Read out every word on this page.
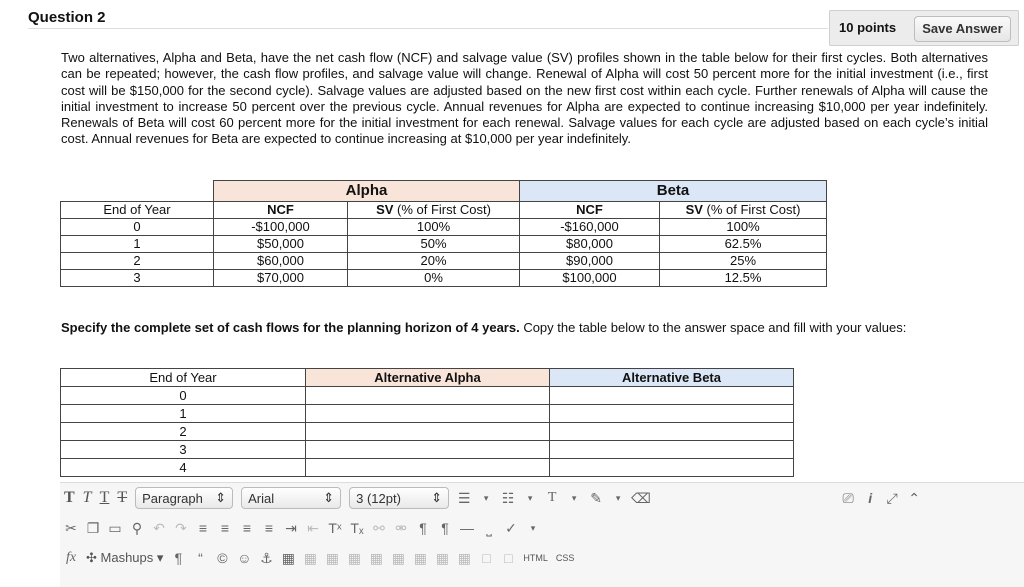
Question 2
10 points	Save Answer
Two alternatives, Alpha and Beta, have the net cash flow (NCF) and salvage value (SV) profiles shown in the table below for their first cycles. Both alternatives can be repeated; however, the cash flow profiles, and salvage value will change. Renewal of Alpha will cost 50 percent more for the initial investment (i.e., first cost will be $150,000 for the second cycle). Salvage values are adjusted based on the new first cost within each cycle. Further renewals of Alpha will cause the initial investment to increase 50 percent over the previous cycle. Annual revenues for Alpha are expected to continue increasing $10,000 per year indefinitely. Renewals of Beta will cost 60 percent more for the initial investment for each renewal. Salvage values for each cycle are adjusted based on each cycle’s initial cost. Annual revenues for Beta are expected to continue increasing at $10,000 per year indefinitely.
	Alpha		Beta	
End of Year	NCF	SV (% of First Cost)	NCF	SV (% of First Cost)
0	-$100,000	100%	-$160,000	100%
1	$50,000	50%	$80,000	62.5%
2	$60,000	20%	$90,000	25%
3	$70,000	0%	$100,000	12.5%
Specify the complete set of cash flows for the planning horizon of 4 years. Copy the table below to the answer space and fill with your values:
End of Year	Alternative Alpha	Alternative Beta
0		
1		
2		
3		
4		
T T T T Paragraph ⇕ Arial	⇕ 3 (12pt) ⇕ ☰	▾ ☷	▾	T	▾ ✎	▾ ⌫	⎚	i	⤢ ⌃
✂ ❐ ▭ ⚲ ↶ ↷ ≡ ≡ ≡ ≡ ⇥ ⇤ Tˣ Tₓ ⚯ ⚮ ¶	¶ — ⎵ ✓	▾
fx ✣ Mashups ▾ ¶	“	© ☺ ⚓ ▦ ▦ ▦ ▦ ▦ ▦ ▦ ▦ ▦ □ □	HTML CSS
